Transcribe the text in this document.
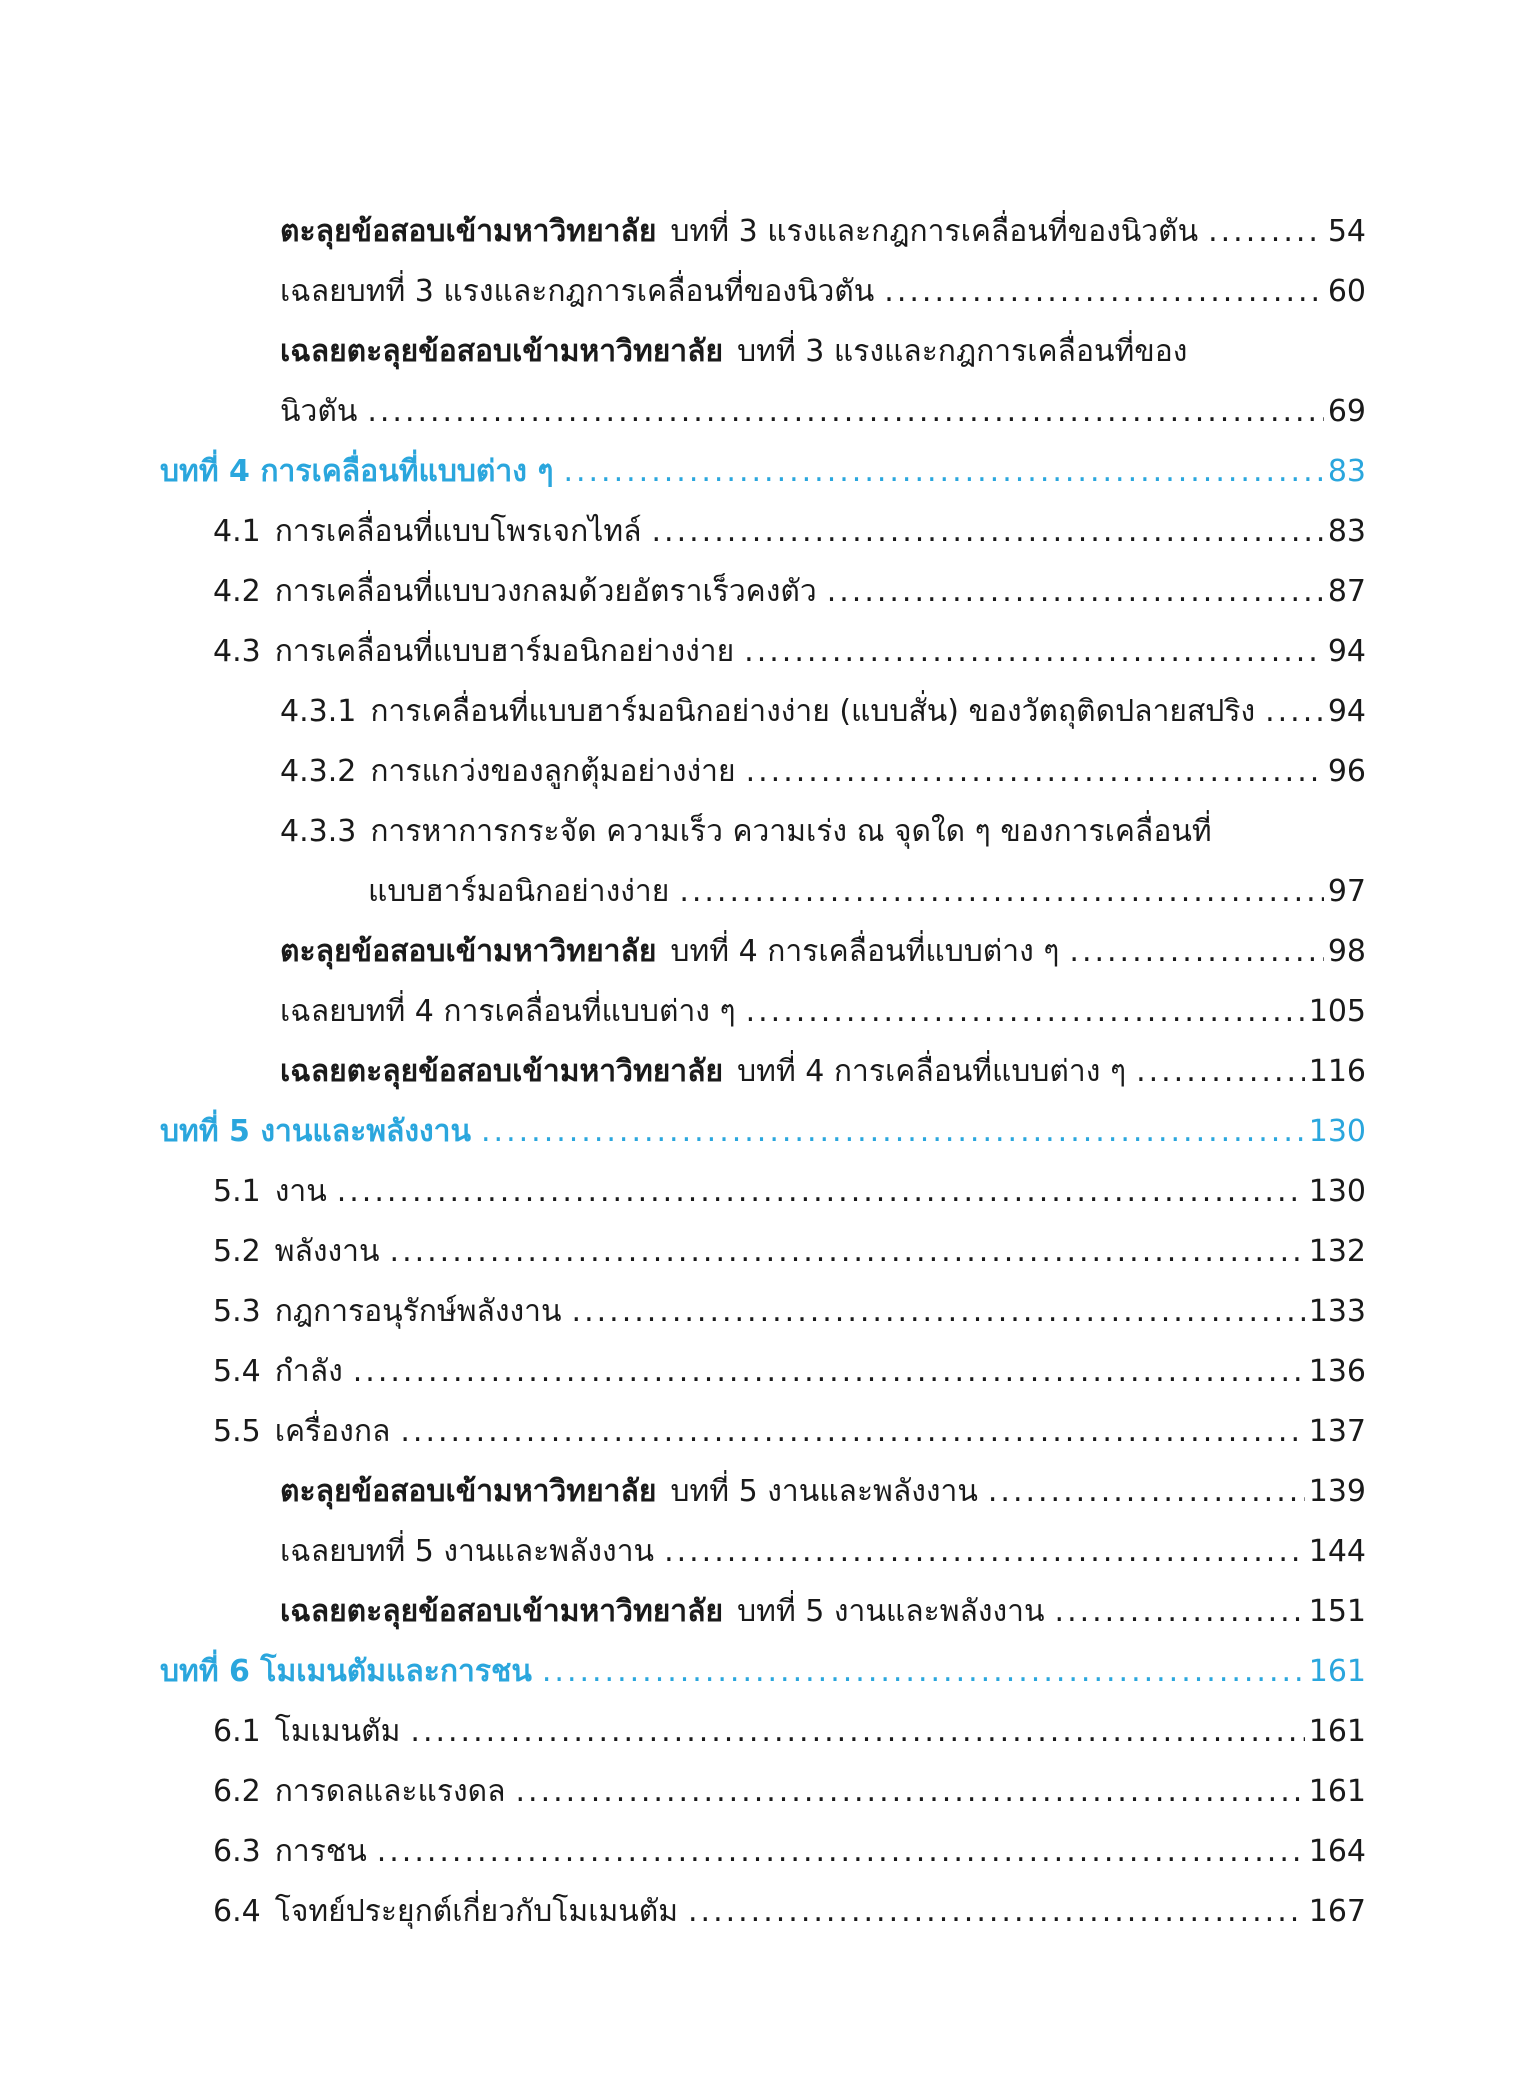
ตะลุยข้อสอบเข้ามหาวิทยาลัย บทที่ 3 แรงและกฎการเคลื่อนที่ของนิวตัน .....	54
เฉลยบทที่ 3 แรงและกฎการเคลื่อนที่ของนิวตัน .....	60
เฉลยตะลุยข้อสอบเข้ามหาวิทยาลัย บทที่ 3 แรงและกฎการเคลื่อนที่ของ
นิวตัน .....	69
บทที่ 4 การเคลื่อนที่แบบต่าง ๆ .....	83
4.1 การเคลื่อนที่แบบโพรเจกไทล์ .....	83
4.2 การเคลื่อนที่แบบวงกลมด้วยอัตราเร็วคงตัว .....	87
4.3 การเคลื่อนที่แบบฮาร์มอนิกอย่างง่าย .....	94
4.3.1 การเคลื่อนที่แบบฮาร์มอนิกอย่างง่าย (แบบสั่น) ของวัตถุติดปลายสปริง ..... 94
4.3.2 การแกว่งของลูกตุ้มอย่างง่าย .....	96
4.3.3 การหาการกระจัด ความเร็ว ความเร่ง ณ จุดใด ๆ ของการเคลื่อนที่
แบบฮาร์มอนิกอย่างง่าย .....	97
ตะลุยข้อสอบเข้ามหาวิทยาลัย บทที่ 4 การเคลื่อนที่แบบต่าง ๆ .....	98
เฉลยบทที่ 4 การเคลื่อนที่แบบต่าง ๆ .....	105
เฉลยตะลุยข้อสอบเข้ามหาวิทยาลัย บทที่ 4 การเคลื่อนที่แบบต่าง ๆ .....	116
บทที่ 5 งานและพลังงาน .....	130
5.1 งาน .....	130
5.2 พลังงาน .....	132
5.3 กฎการอนุรักษ์พลังงาน .....	133
5.4 กำลัง .....	136
5.5 เครื่องกล .....	137
ตะลุยข้อสอบเข้ามหาวิทยาลัย บทที่ 5 งานและพลังงาน .....	139
เฉลยบทที่ 5 งานและพลังงาน .....	144
เฉลยตะลุยข้อสอบเข้ามหาวิทยาลัย บทที่ 5 งานและพลังงาน .....	151
บทที่ 6 โมเมนตัมและการชน .....	161
6.1 โมเมนตัม .....	161
6.2 การดลและแรงดล .....	161
6.3 การชน .....	164
6.4 โจทย์ประยุกต์เกี่ยวกับโมเมนตัม .....	167
